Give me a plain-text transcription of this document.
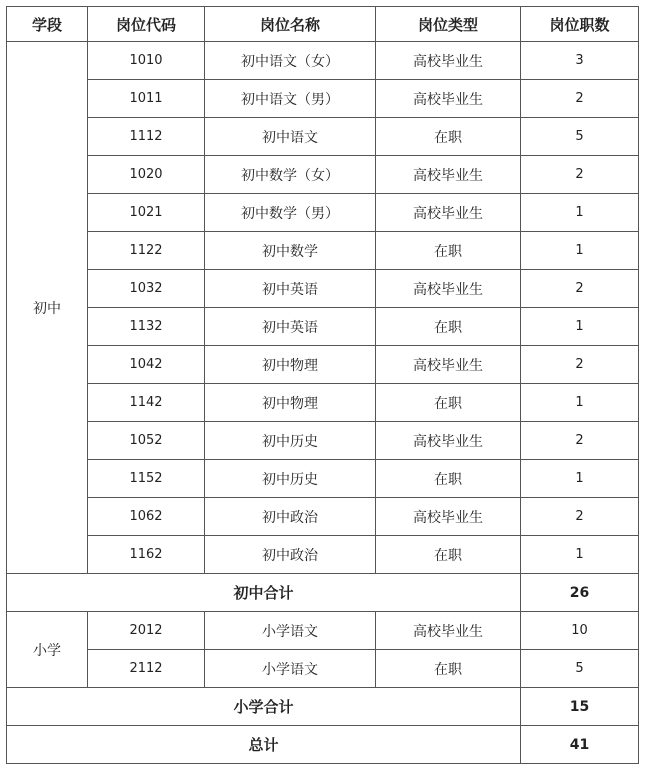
学段	岗位代码	岗位名称	岗位类型	岗位职数
初中	1010	初中语文（女）	高校毕业生	3
	1011	初中语文（男）	高校毕业生	2
	1112	初中语文	在职	5
	1020	初中数学（女）	高校毕业生	2
	1021	初中数学（男）	高校毕业生	1
	1122	初中数学	在职	1
	1032	初中英语	高校毕业生	2
	1132	初中英语	在职	1
	1042	初中物理	高校毕业生	2
	1142	初中物理	在职	1
	1052	初中历史	高校毕业生	2
	1152	初中历史	在职	1
	1062	初中政治	高校毕业生	2
	1162	初中政治	在职	1
初中合计				26
小学	2012	小学语文	高校毕业生	10
	2112	小学语文	在职	5
小学合计				15
总计				41
